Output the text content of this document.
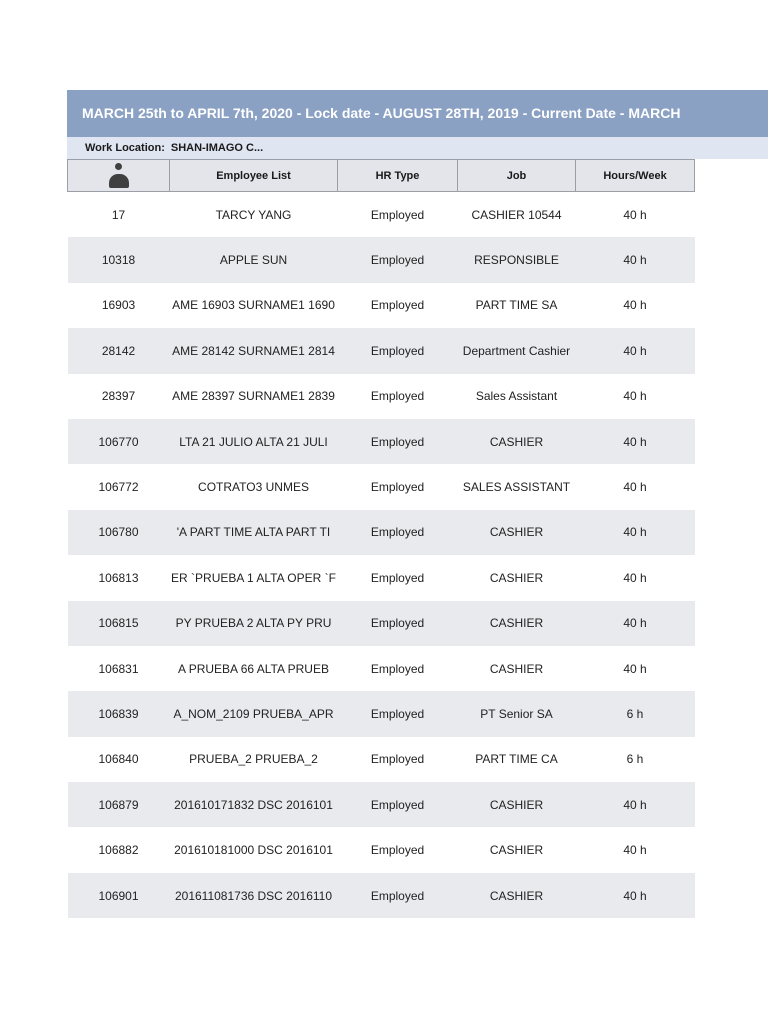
MARCH 25th to APRIL 7th, 2020 - Lock date - AUGUST 28TH, 2019 - Current Date - MARCH
Work Location: SHAN-IMAGO C...
	Employee List	HR Type	Job	Hours/Week
17	TARCY YANG	Employed	CASHIER 10544	40 h
10318	APPLE SUN	Employed	RESPONSIBLE	40 h
16903	AME 16903 SURNAME1 1690	Employed	PART TIME SA	40 h
28142	AME 28142 SURNAME1 2814	Employed	Department Cashier	40 h
28397	AME 28397 SURNAME1 2839	Employed	Sales Assistant	40 h
106770	LTA 21 JULIO ALTA 21 JULI	Employed	CASHIER	40 h
106772	COTRATO3 UNMES	Employed	SALES ASSISTANT	40 h
106780	'A PART TIME ALTA PART TI	Employed	CASHIER	40 h
106813	ER `PRUEBA 1 ALTA OPER `F	Employed	CASHIER	40 h
106815	PY PRUEBA 2 ALTA PY PRU	Employed	CASHIER	40 h
106831	A PRUEBA 66 ALTA PRUEB	Employed	CASHIER	40 h
106839	A_NOM_2109 PRUEBA_APR	Employed	PT Senior SA	6 h
106840	PRUEBA_2 PRUEBA_2	Employed	PART TIME CA	6 h
106879	201610171832 DSC 2016101	Employed	CASHIER	40 h
106882	201610181000 DSC 2016101	Employed	CASHIER	40 h
106901	201611081736 DSC 2016110	Employed	CASHIER	40 h
